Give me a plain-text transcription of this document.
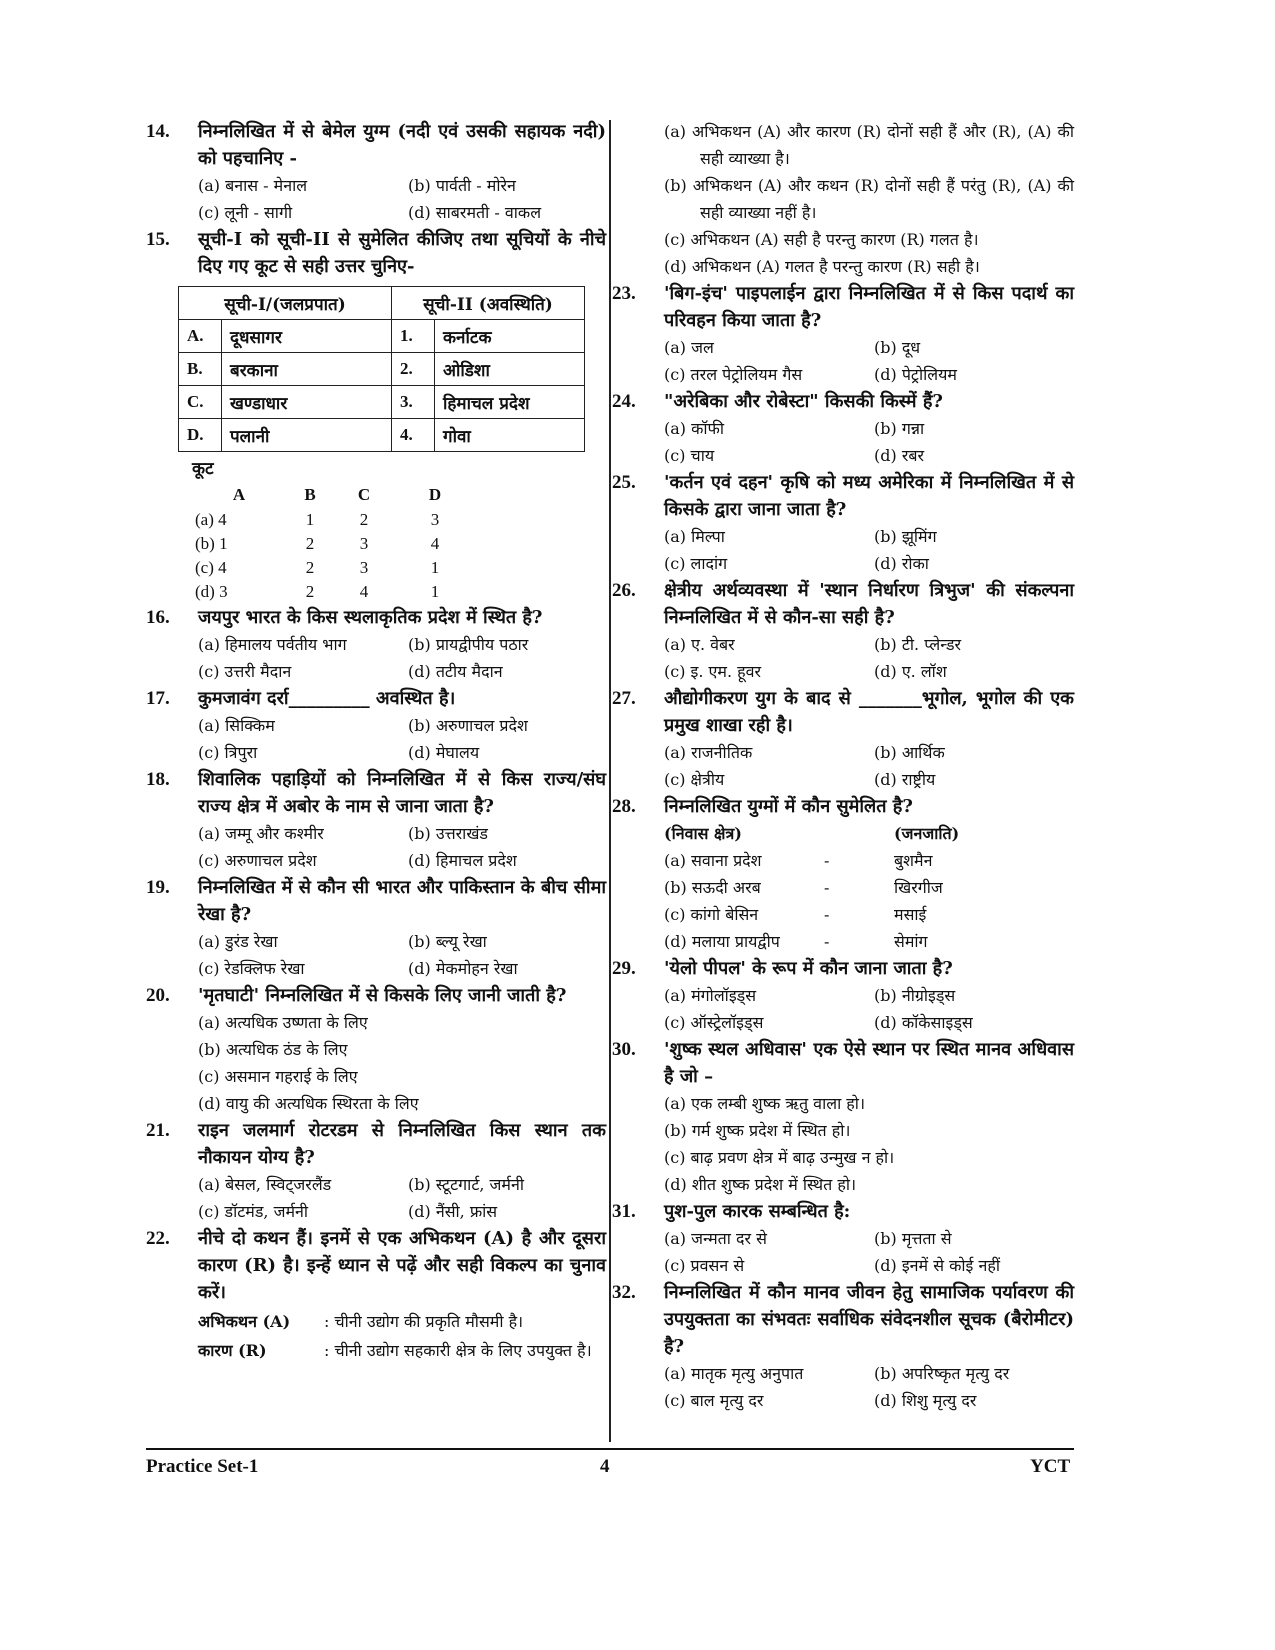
14. निम्नलिखित में से बेमेल युग्म (नदी एवं उसकी सहायक नदी) को पहचानिए -
(a) बनास - मेनाल	(b) पार्वती - मोरेन
(c) लूनी - सागी	(d) साबरमती - वाकल
15. सूची-I को सूची-II से सुमेलित कीजिए तथा सूचियों के नीचे दिए गए कूट से सही उत्तर चुनिए-
सूची-I/(जलप्रपात)		सूची-II (अवस्थिति)	
A.	दूधसागर	1.	कर्नाटक
B.	बरकाना	2.	ओडिशा
C.	खण्डाधार	3.	हिमाचल प्रदेश
D.	पलानी	4.	गोवा
कूट
A	B	C	D
(a) 4	1	2	3
(b) 1	2	3	4
(c) 4	2	3	1
(d) 3	2	4	1
16. जयपुर भारत के किस स्थलाकृतिक प्रदेश में स्थित है?
(a) हिमालय पर्वतीय भाग	(b) प्रायद्वीपीय पठार
(c) उत्तरी मैदान	(d) तटीय मैदान
17. कुमजावंग दर्रा_________ अवस्थित है।
(a) सिक्किम	(b) अरुणाचल प्रदेश
(c) त्रिपुरा	(d) मेघालय
18. शिवालिक पहाड़ियों को निम्नलिखित में से किस राज्य/संघ राज्य क्षेत्र में अबोर के नाम से जाना जाता है?
(a) जम्मू और कश्मीर	(b) उत्तराखंड
(c) अरुणाचल प्रदेश	(d) हिमाचल प्रदेश
19. निम्नलिखित में से कौन सी भारत और पाकिस्तान के बीच सीमा रेखा है?
(a) डुरंड रेखा	(b) ब्ल्यू रेखा
(c) रेडक्लिफ रेखा	(d) मेकमोहन रेखा
20. 'मृतघाटी' निम्नलिखित में से किसके लिए जानी जाती है?
(a) अत्यधिक उष्णता के लिए
(b) अत्यधिक ठंड के लिए
(c) असमान गहराई के लिए
(d) वायु की अत्यधिक स्थिरता के लिए
21. राइन जलमार्ग रोटरडम से निम्नलिखित किस स्थान तक नौकायन योग्य है?
(a) बेसल, स्विट्जरलैंड	(b) स्टूटगार्ट, जर्मनी
(c) डॉटमंड, जर्मनी	(d) नैंसी, फ्रांस
22. नीचे दो कथन हैं। इनमें से एक अभिकथन (A) है और दूसरा कारण (R) है। इन्हें ध्यान से पढ़ें और सही विकल्प का चुनाव करें।
अभिकथन (A)	: चीनी उद्योग की प्रकृति मौसमी है।
कारण (R)	: चीनी उद्योग सहकारी क्षेत्र के लिए उपयुक्त है।
(a) अभिकथन (A) और कारण (R) दोनों सही हैं और (R), (A) की सही व्याख्या है।
(b) अभिकथन (A) और कथन (R) दोनों सही हैं परंतु (R), (A) की सही व्याख्या नहीं है।
(c) अभिकथन (A) सही है परन्तु कारण (R) गलत है।
(d) अभिकथन (A) गलत है परन्तु कारण (R) सही है।
23. 'बिग-इंच' पाइपलाईन द्वारा निम्नलिखित में से किस पदार्थ का परिवहन किया जाता है?
(a) जल	(b) दूध
(c) तरल पेट्रोलियम गैस	(d) पेट्रोलियम
24. "अरेबिका और रोबेस्टा" किसकी किस्में हैं?
(a) कॉफी	(b) गन्ना
(c) चाय	(d) रबर
25. 'कर्तन एवं दहन' कृषि को मध्य अमेरिका में निम्नलिखित में से किसके द्वारा जाना जाता है?
(a) मिल्पा	(b) झूमिंग
(c) लादांग	(d) रोका
26. क्षेत्रीय अर्थव्यवस्था में 'स्थान निर्धारण त्रिभुज' की संकल्पना निम्नलिखित में से कौन-सा सही है?
(a) ए. वेबर	(b) टी. प्लेन्डर
(c) इ. एम. हूवर	(d) ए. लॉश
27. औद्योगीकरण युग के बाद से _______भूगोल, भूगोल की एक प्रमुख शाखा रही है।
(a) राजनीतिक	(b) आर्थिक
(c) क्षेत्रीय	(d) राष्ट्रीय
28. निम्नलिखित युग्मों में कौन सुमेलित है?
(निवास क्षेत्र)	(जनजाति)
(a) सवाना प्रदेश	-	बुशमैन
(b) सऊदी अरब	-	खिरगीज
(c) कांगो बेसिन	-	मसाई
(d) मलाया प्रायद्वीप	-	सेमांग
29. 'येलो पीपल' के रूप में कौन जाना जाता है?
(a) मंगोलॉइड्स	(b) नीग्रोइड्स
(c) ऑस्ट्रेलॉइड्स	(d) कॉकेसाइड्स
30. 'शुष्क स्थल अधिवास' एक ऐसे स्थान पर स्थित मानव अधिवास है जो –
(a) एक लम्बी शुष्क ऋतु वाला हो।
(b) गर्म शुष्क प्रदेश में स्थित हो।
(c) बाढ़ प्रवण क्षेत्र में बाढ़ उन्मुख न हो।
(d) शीत शुष्क प्रदेश में स्थित हो।
31. पुश-पुल कारक सम्बन्धित है:
(a) जन्मता दर से	(b) मृत्तता से
(c) प्रवसन से	(d) इनमें से कोई नहीं
32. निम्नलिखित में कौन मानव जीवन हेतु सामाजिक पर्यावरण की उपयुक्तता का संभवतः सर्वाधिक संवेदनशील सूचक (बैरोमीटर) है?
(a) मातृक मृत्यु अनुपात	(b) अपरिष्कृत मृत्यु दर
(c) बाल मृत्यु दर	(d) शिशु मृत्यु दर
Practice Set-1	4	YCT
